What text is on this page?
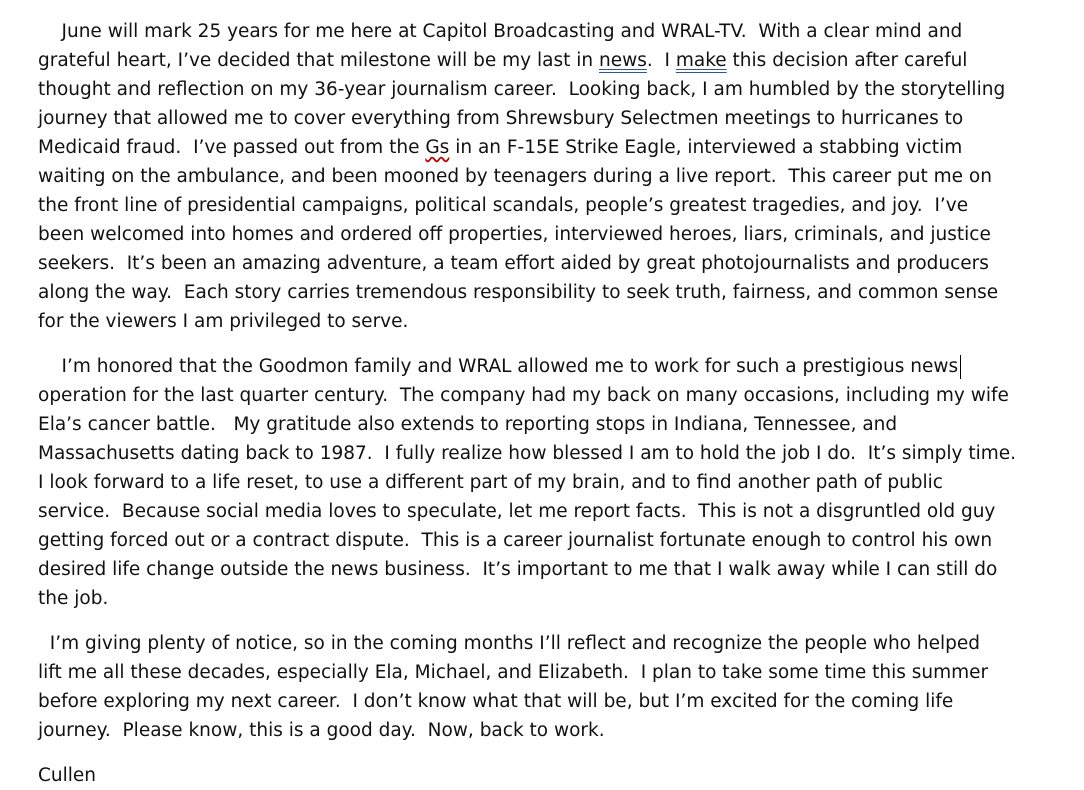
June will mark 25 years for me here at Capitol Broadcasting and WRAL-TV.  With a clear mind and
grateful heart, I’ve decided that milestone will be my last in news.  I make this decision after careful
thought and reflection on my 36-year journalism career.  Looking back, I am humbled by the storytelling
journey that allowed me to cover everything from Shrewsbury Selectmen meetings to hurricanes to
Medicaid fraud.  I’ve passed out from the Gs in an F-15E Strike Eagle, interviewed a stabbing victim
waiting on the ambulance, and been mooned by teenagers during a live report.  This career put me on
the front line of presidential campaigns, political scandals, people’s greatest tragedies, and joy.  I’ve
been welcomed into homes and ordered off properties, interviewed heroes, liars, criminals, and justice
seekers.  It’s been an amazing adventure, a team effort aided by great photojournalists and producers
along the way.  Each story carries tremendous responsibility to seek truth, fairness, and common sense
for the viewers I am privileged to serve.
I’m honored that the Goodmon family and WRAL allowed me to work for such a prestigious news
operation for the last quarter century.  The company had my back on many occasions, including my wife
Ela’s cancer battle.   My gratitude also extends to reporting stops in Indiana, Tennessee, and
Massachusetts dating back to 1987.  I fully realize how blessed I am to hold the job I do.  It’s simply time.
I look forward to a life reset, to use a different part of my brain, and to find another path of public
service.  Because social media loves to speculate, let me report facts.  This is not a disgruntled old guy
getting forced out or a contract dispute.  This is a career journalist fortunate enough to control his own
desired life change outside the news business.  It’s important to me that I walk away while I can still do
the job.
I’m giving plenty of notice, so in the coming months I’ll reflect and recognize the people who helped
lift me all these decades, especially Ela, Michael, and Elizabeth.  I plan to take some time this summer
before exploring my next career.  I don’t know what that will be, but I’m excited for the coming life
journey.  Please know, this is a good day.  Now, back to work.
Cullen
